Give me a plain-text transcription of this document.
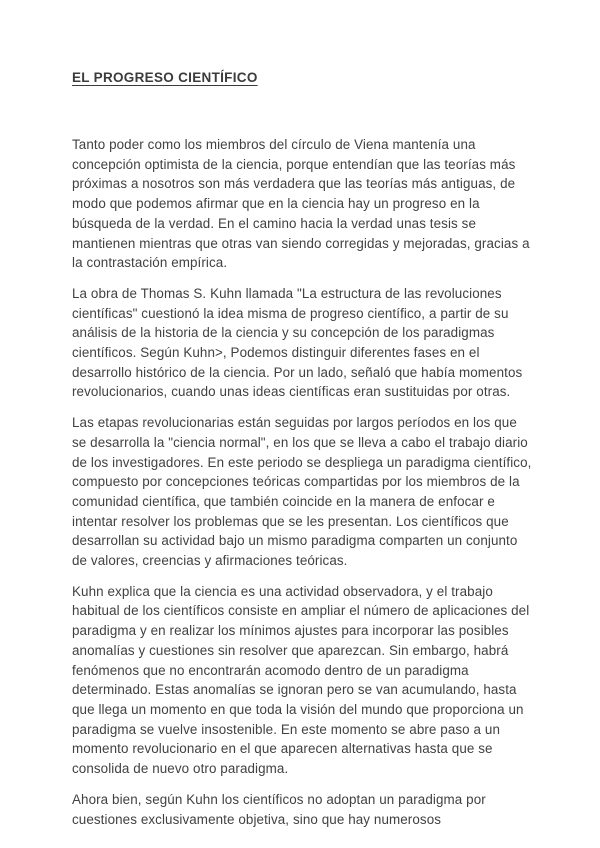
EL PROGRESO CIENTÍFICO

Tanto poder como los miembros del círculo de Viena mantenía una concepción optimista de la ciencia, porque entendían que las teorías más próximas a nosotros son más verdadera que las teorías más antiguas, de modo que podemos afirmar que en la ciencia hay un progreso en la búsqueda de la verdad. En el camino hacia la verdad unas tesis se mantienen mientras que otras van siendo corregidas y mejoradas, gracias a la contrastación empírica.

La obra de Thomas S. Kuhn llamada "La estructura de las revoluciones científicas" cuestionó la idea misma de progreso científico, a partir de su análisis de la historia de la ciencia y su concepción de los paradigmas científicos. Según Kuhn>, Podemos distinguir diferentes fases en el desarrollo histórico de la ciencia. Por un lado, señaló que había momentos revolucionarios, cuando unas ideas científicas eran sustituidas por otras.

Las etapas revolucionarias están seguidas por largos períodos en los que se desarrolla la "ciencia normal", en los que se lleva a cabo el trabajo diario de los investigadores. En este periodo se despliega un paradigma científico, compuesto por concepciones teóricas compartidas por los miembros de la comunidad científica, que también coincide en la manera de enfocar e intentar resolver los problemas que se les presentan. Los científicos que desarrollan su actividad bajo un mismo paradigma comparten un conjunto de valores, creencias y afirmaciones teóricas.

Kuhn explica que la ciencia es una actividad observadora, y el trabajo habitual de los científicos consiste en ampliar el número de aplicaciones del paradigma y en realizar los mínimos ajustes para incorporar las posibles anomalías y cuestiones sin resolver que aparezcan. Sin embargo, habrá fenómenos que no encontrarán acomodo dentro de un paradigma determinado. Estas anomalías se ignoran pero se van acumulando, hasta que llega un momento en que toda la visión del mundo que proporciona un paradigma se vuelve insostenible. En este momento se abre paso a un momento revolucionario en el que aparecen alternativas hasta que se consolida de nuevo otro paradigma.

Ahora bien, según Kuhn los científicos no adoptan un paradigma por cuestiones exclusivamente objetiva, sino que hay numerosos
